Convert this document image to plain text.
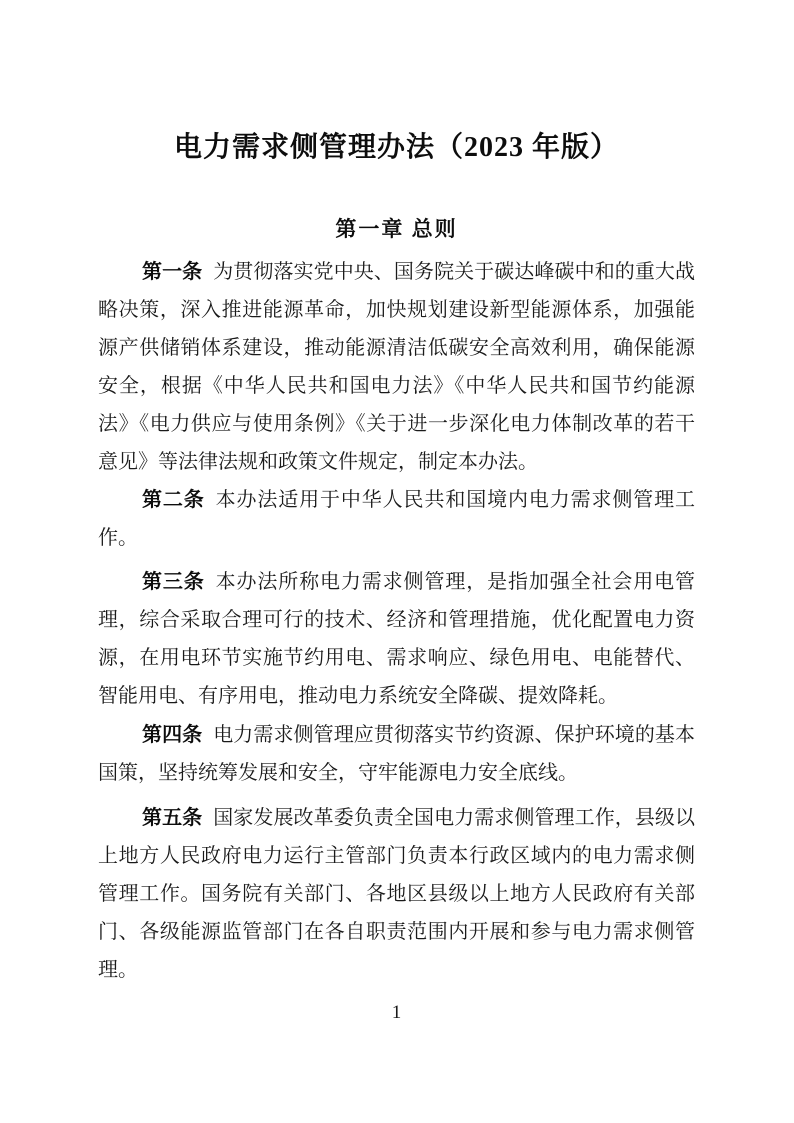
电力需求侧管理办法（2023 年版）
第一章 总则

第一条 为贯彻落实党中央、国务院关于碳达峰碳中和的重大战略决策，深入推进能源革命，加快规划建设新型能源体系，加强能源产供储销体系建设，推动能源清洁低碳安全高效利用，确保能源安全，根据《中华人民共和国电力法》《中华人民共和国节约能源法》《电力供应与使用条例》《关于进一步深化电力体制改革的若干意见》等法律法规和政策文件规定，制定本办法。

第二条 本办法适用于中华人民共和国境内电力需求侧管理工作。

第三条 本办法所称电力需求侧管理，是指加强全社会用电管理，综合采取合理可行的技术、经济和管理措施，优化配置电力资源，在用电环节实施节约用电、需求响应、绿色用电、电能替代、智能用电、有序用电，推动电力系统安全降碳、提效降耗。

第四条 电力需求侧管理应贯彻落实节约资源、保护环境的基本国策，坚持统筹发展和安全，守牢能源电力安全底线。

第五条 国家发展改革委负责全国电力需求侧管理工作，县级以上地方人民政府电力运行主管部门负责本行政区域内的电力需求侧管理工作。国务院有关部门、各地区县级以上地方人民政府有关部门、各级能源监管部门在各自职责范围内开展和参与电力需求侧管理。

1
